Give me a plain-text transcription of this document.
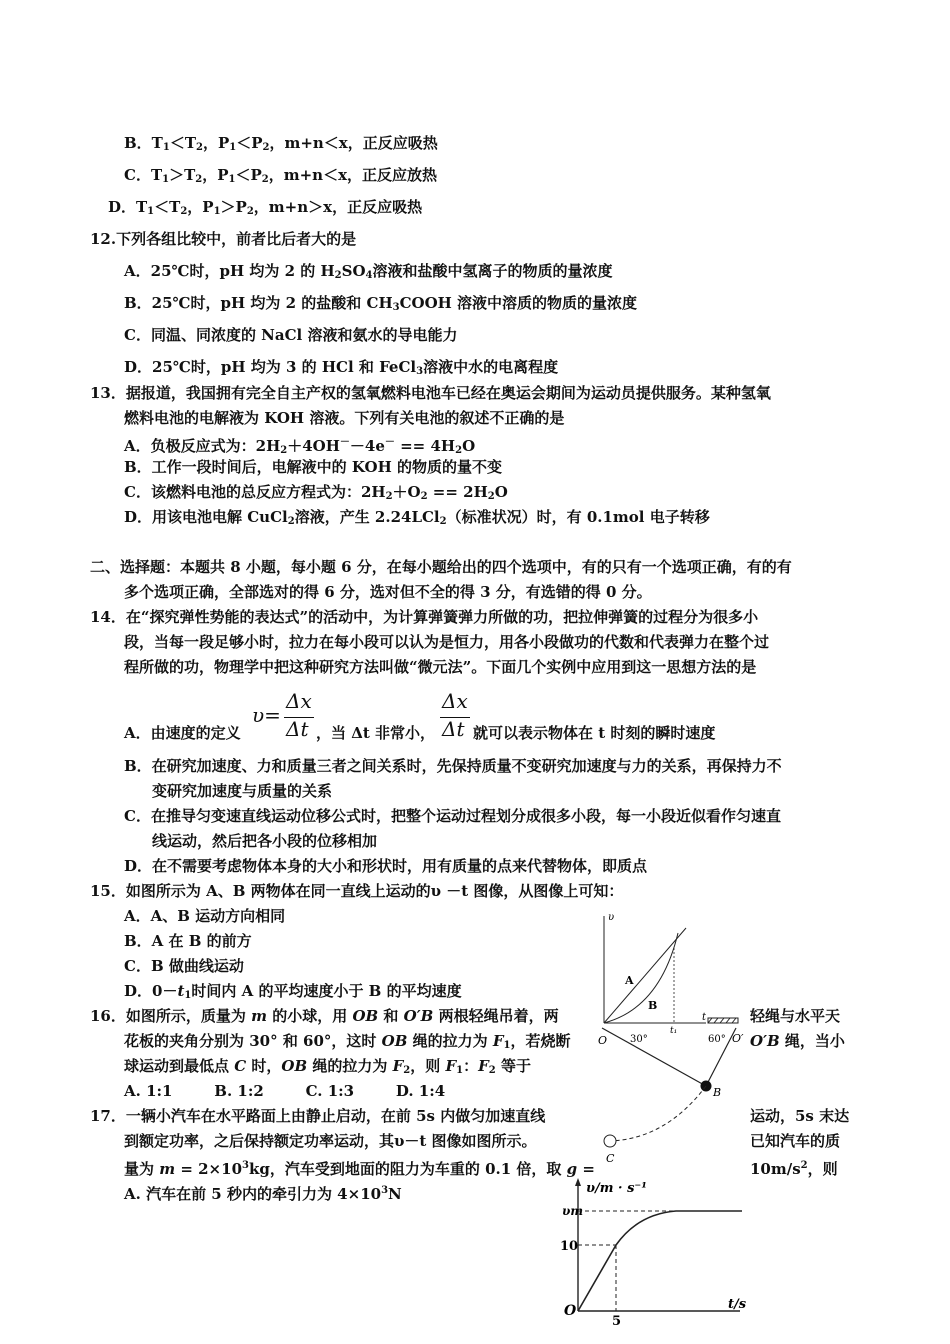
B．$T_1<T_2$，$P_1<P_2$，m+n＜x，正反应吸热
C．$T_1>T_2$，$P_1<P_2$，m+n＜x，正反应放热
D．$T_1<T_2$，$P_1>P_2$，m+n＞x，正反应吸热
12.下列各组比较中，前者比后者大的是
A．25℃时，pH 均为 2 的 $H_2SO_4$溶液和盐酸中氢离子的物质的量浓度
B．25℃时，pH 均为 2 的盐酸和 $CH_3COOH$ 溶液中溶质的物质的量浓度
C．同温、同浓度的 NaCl 溶液和氨水的导电能力
D．25℃时，pH 均为 3 的 HCl 和 FeCl$_3$溶液中水的电离程度
13．据报道，我国拥有完全自主产权的氢氧燃料电池车已经在奥运会期间为运动员提供服务。某种氢氧
燃料电池的电解液为 KOH 溶液。下列有关电池的叙述不正确的是
A．负极反应式为：$2H_2+4OH^--4e^- == 4H_2O$
B．工作一段时间后，电解液中的 KOH 的物质的量不变
C．该燃料电池的总反应方程式为：$2H_2+O_2 == 2H_2O$
D．用该电池电解 CuCl$_2$溶液，产生 2.24LCl$_2$（标准状况）时，有 0.1mol 电子转移
二、选择题：本题共 8 小题，每小题 6 分，在每小题给出的四个选项中，有的只有一个选项正确，有的有
多个选项正确，全部选对的得 6 分，选对但不全的得 3 分，有选错的得 0 分。
14．在“探究弹性势能的表达式”的活动中，为计算弹簧弹力所做的功，把拉伸弹簧的过程分为很多小
段，当每一段足够小时，拉力在每小段可以认为是恒力，用各小段做功的代数和代表弹力在整个过
程所做的功，物理学中把这种研究方法叫做“微元法”。下面几个实例中应用到这一思想方法的是
A．由速度的定义
υ=
Δx
Δt ，当 Δt 非常小，
Δx
Δt 就可以表示物体在 t 时刻的瞬时速度
B．在研究加速度、力和质量三者之间关系时，先保持质量不变研究加速度与力的关系，再保持力不
变研究加速度与质量的关系
C．在推导匀变速直线运动位移公式时，把整个运动过程划分成很多小段，每一小段近似看作匀速直
线运动，然后把各小段的位移相加
D．在不需要考虑物体本身的大小和形状时，用有质量的点来代替物体，即质点
15．如图所示为 A、B 两物体在同一直线上运动的υ －t 图像，从图像上可知：
A．A、B 运动方向相同
B．A 在 B 的前方
C．B 做曲线运动
D．$0-t_1$时间内 A 的平均速度小于 B 的平均速度
16．如图所示，质量为 m 的小球，用 OB 和 O′B 两根轻绳吊着，两	轻绳与水平天
花板的夹角分别为 30° 和 60°，这时 OB 绳的拉力为 $F_1$，若烧断	O′B 绳，当小
球运动到最低点 C 时，OB 绳的拉力为 $F_2$，则 $F_1$：$F_2$ 等于
A. 1:1        B. 1:2        C. 1:3        D. 1:4
17．一辆小汽车在水平路面上由静止启动，在前 5s 内做匀加速直线	运动，5s 末达
到额定功率，之后保持额定功率运动，其υ－t 图像如图所示。	已知汽车的质
量为 $m = 2\times 10^3kg$，汽车受到地面的阻力为车重的 0.1 倍，取 g =	$10m/s^2$，则
A. 汽车在前 5 秒内的牵引力为 $4\times 10^3N$
υ
t
A
B
t₁
O 30°	60° O′
B
C
υ/m · s⁻¹
t/s
υm
10
O
5
